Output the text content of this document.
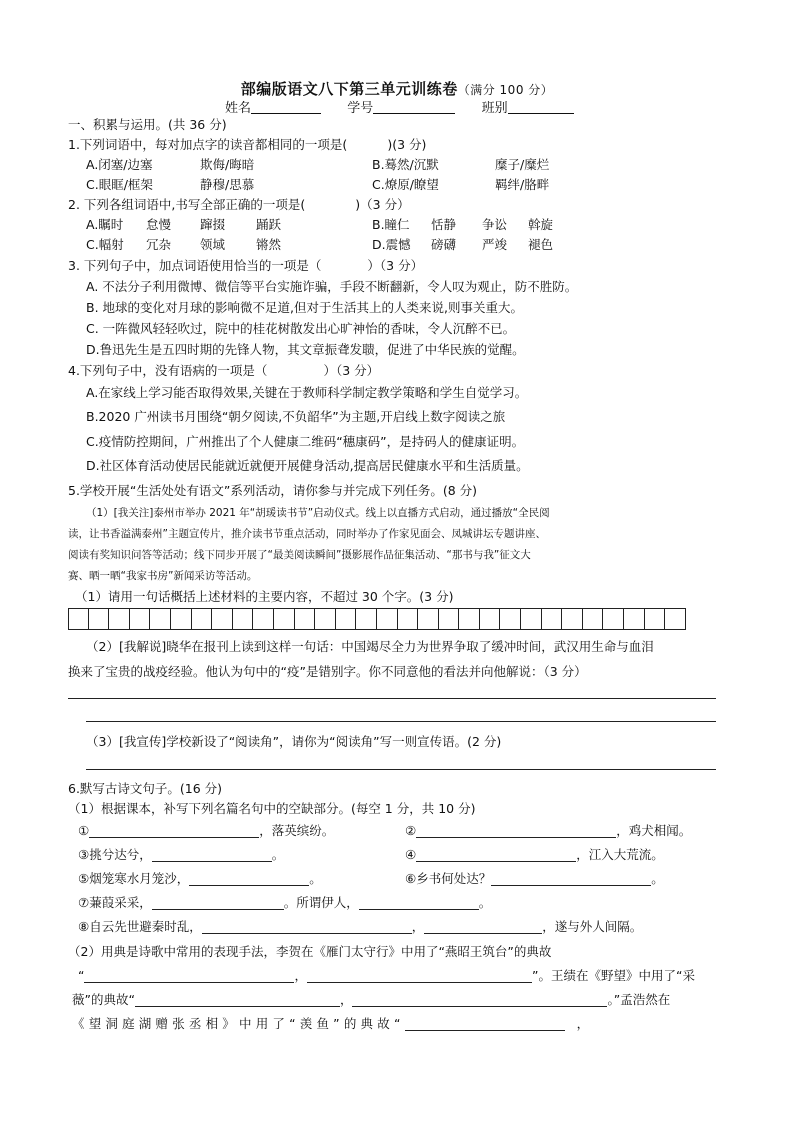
部编版语文八下第三单元训练卷（满分 100 分）
姓名	学号	班别
一、积累与运用。(共 36 分)
1.下列词语中，每对加点字的读音都相同的一项是(	)(3 分)
A.闭塞/边塞	欺侮/晦暗	B.蓦然/沉默	糜子/糜烂
C.眼眶/框架	静穆/思慕	C.燎原/瞭望	羁绊/胳畔
2. 下列各组词语中,书写全部正确的一项是(	)（3 分）
A.瞩时 怠慢 蹿掇 踊跃	B.瞳仁 恬静 争讼 斡旋
C.幅射 冗杂 领域 锵然	D.震憾 磅礴 严竣 褪色
3. 下列句子中，加点词语使用恰当的一项是（	）（3 分）
A. 不法分子利用微博、微信等平台实施诈骗，手段不断翻新，令人叹为观止，防不胜防。
B. 地球的变化对月球的影响微不足道,但对于生活其上的人类来说,则事关重大。
C. 一阵微风轻轻吹过，院中的桂花树散发出心旷神怡的香味，令人沉醉不已。
D.鲁迅先生是五四时期的先锋人物，其文章振聋发聩，促进了中华民族的觉醒。
4.下列句子中，没有语病的一项是（	）（3 分）
A.在家线上学习能否取得效果,关键在于教师科学制定教学策略和学生自觉学习。
B.2020 广州读书月围绕“朝夕阅读,不负韶华”为主题,开启线上数字阅读之旅
C.疫情防控期间，广州推出了个人健康二维码“穗康码”，是持码人的健康证明。
D.社区体育活动使居民能就近就便开展健身活动,提高居民健康水平和生活质量。
5.学校开展“生活处处有语文”系列活动，请你参与并完成下列任务。(8 分)
（1）[我关注]泰州市举办 2021 年“胡瑗读书节”启动仪式。线上以直播方式启动，通过播放“全民阅
读，让书香溢满泰州”主题宣传片，推介读书节重点活动，同时举办了作家见面会、凤城讲坛专题讲座、
阅读有奖知识问答等活动；线下同步开展了“最美阅读瞬间”摄影展作品征集活动、“那书与我”征文大
赛、晒一晒“我家书房”新闻采访等活动。
（1）请用一句话概括上述材料的主要内容，不超过 30 个字。(3 分)
（2）[我解说]晓华在报刊上读到这样一句话：中国竭尽全力为世界争取了缓冲时间，武汉用生命与血泪
换来了宝贵的战疫经验。他认为句中的“疫”是错别字。你不同意他的看法并向他解说：（3 分）
（3）[我宣传]学校新设了“阅读角”，请你为“阅读角”写一则宣传语。(2 分)
6.默写古诗文句子。(16 分)
（1）根据课本，补写下列名篇名句中的空缺部分。(每空 1 分，共 10 分)
①	，落英缤纷。	②	，鸡犬相闻。
③挑兮达兮，	。	④	，江入大荒流。
⑤烟笼寒水月笼沙，	。	⑥乡书何处达？	。
⑦蒹葭采采，	。所谓伊人，	。
⑧自云先世避秦时乱，	，	，遂与外人间隔。
（2）用典是诗歌中常用的表现手法，李贺在《雁门太守行》中用了“燕昭王筑台”的典故
“	，	”。王绩在《野望》中用了“采
薇”的典故“	，	。”孟浩然在
《望洞庭湖赠张丞相》中用了“羡鱼”的典故“	，
